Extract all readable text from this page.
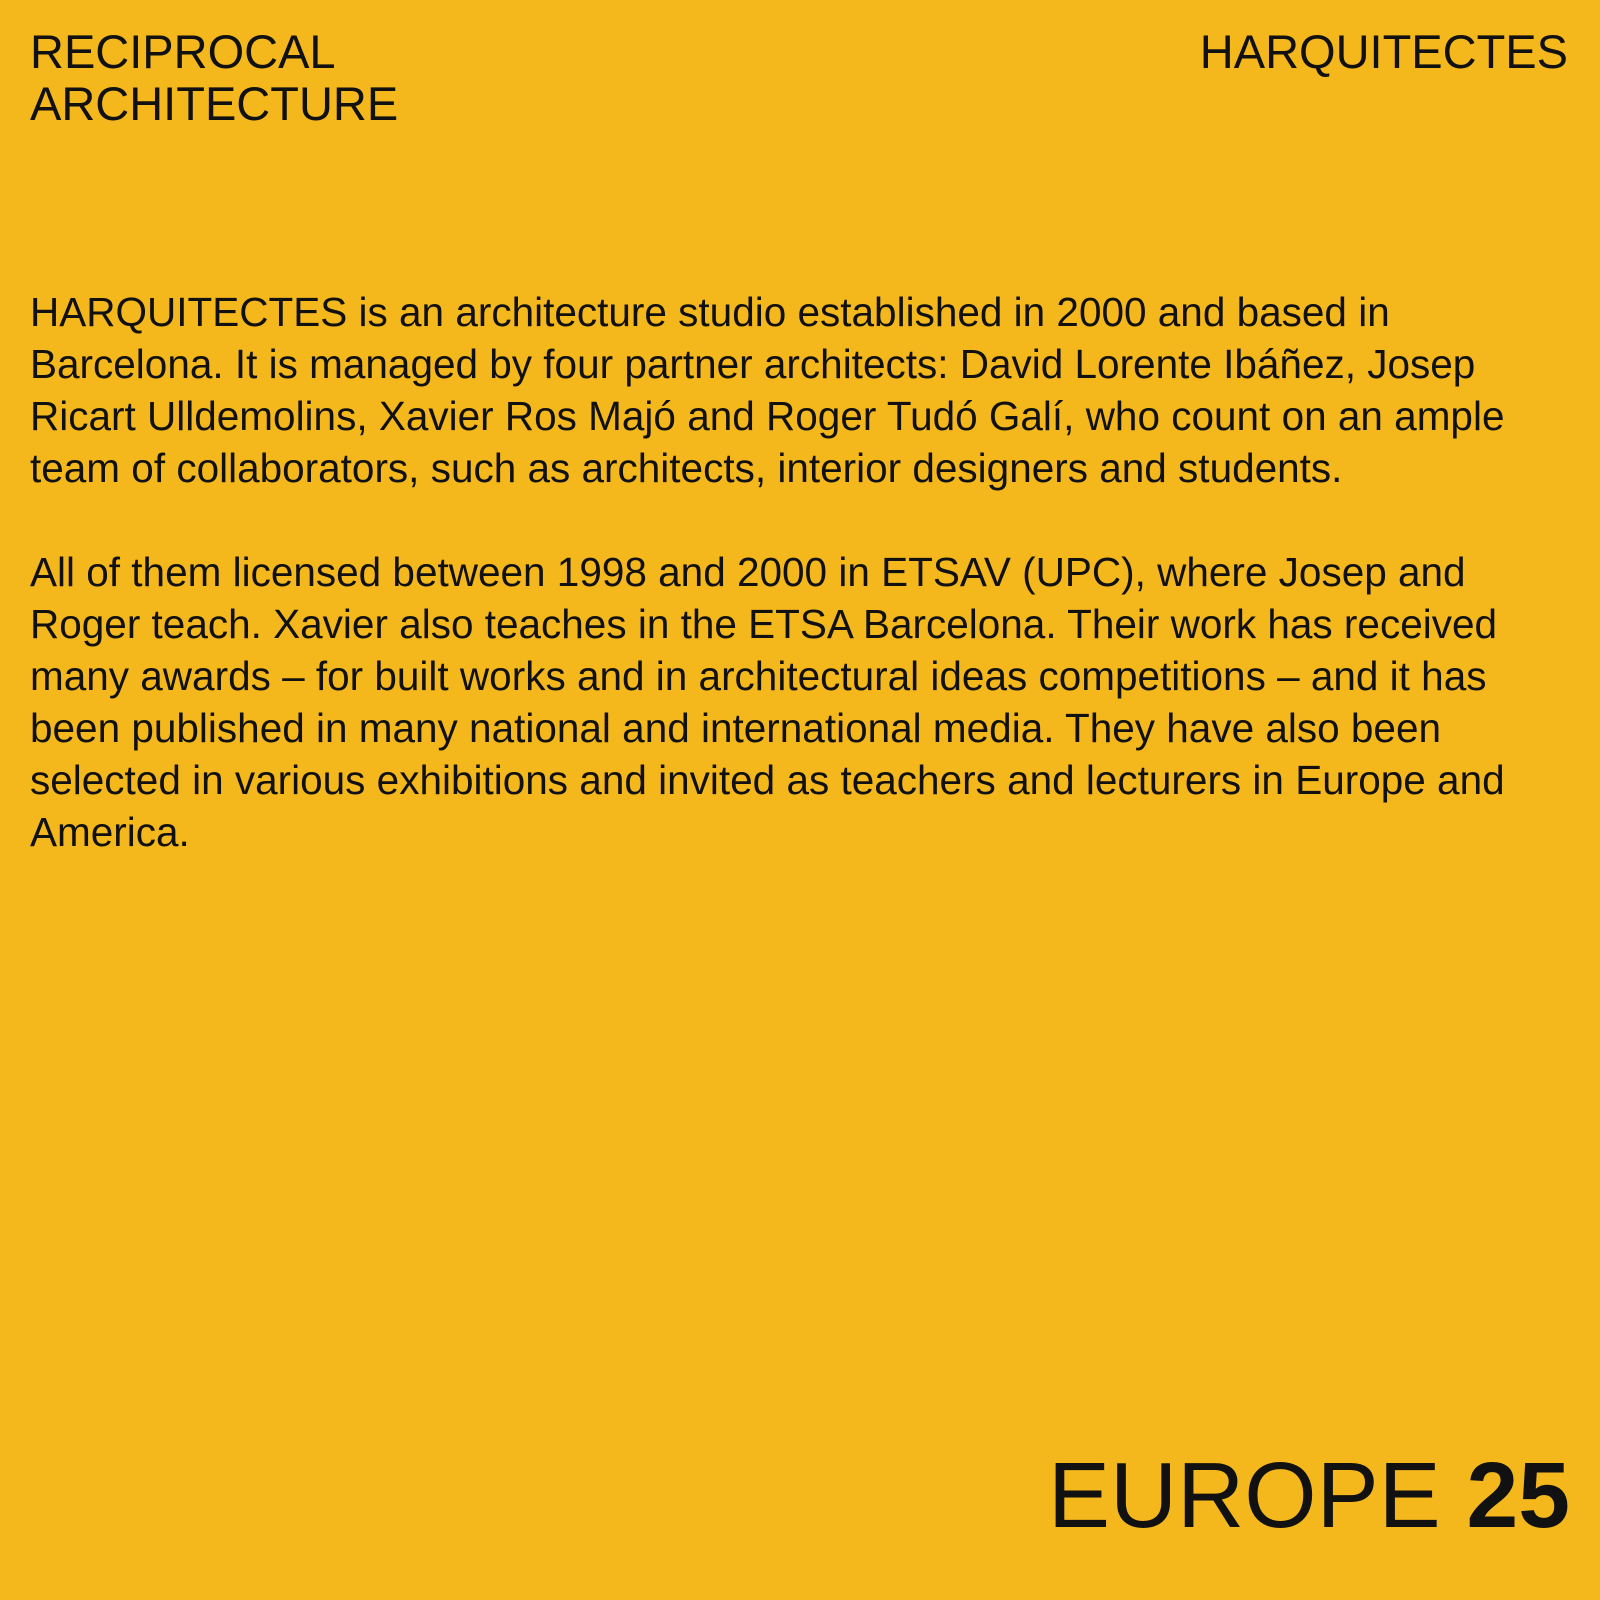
RECIPROCAL
ARCHITECTURE
HARQUITECTES

HARQUITECTES is an architecture studio established in 2000 and based in Barcelona. It is managed by four partner architects: David Lorente Ibáñez, Josep Ricart Ulldemolins, Xavier Ros Majó and Roger Tudó Galí, who count on an ample team of collaborators, such as architects, interior designers and students.

All of them licensed between 1998 and 2000 in ETSAV (UPC), where Josep and Roger teach. Xavier also teaches in the ETSA Barcelona. Their work has received many awards – for built works and in architectural ideas competitions – and it has been published in many national and international media. They have also been selected in various exhibitions and invited as teachers and lecturers in Europe and America.

EUROPE 25
